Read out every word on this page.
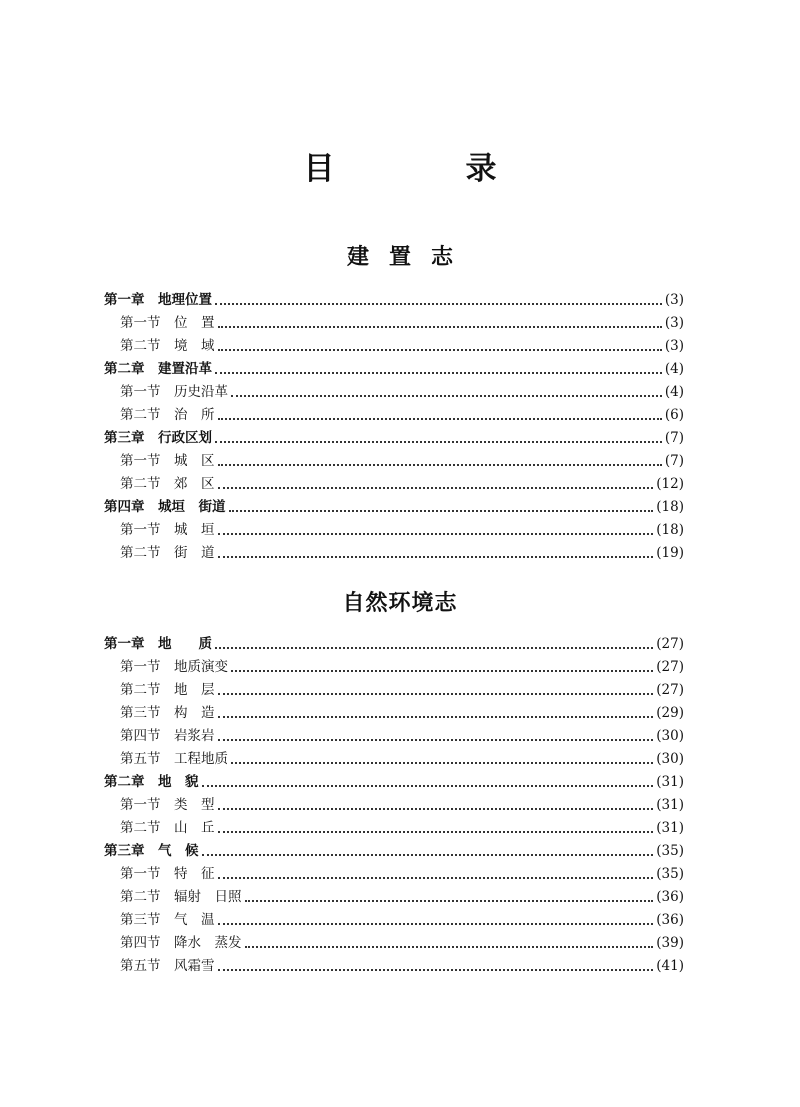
目　录
建置志
第一章　地理位置	(3)
第一节　位　置	(3)
第二节　境　域	(3)
第二章　建置沿革	(4)
第一节　历史沿革	(4)
第二节　治　所	(6)
第三章　行政区划	(7)
第一节　城　区	(7)
第二节　郊　区	(12)
第四章　城垣　街道	(18)
第一节　城　垣	(18)
第二节　街　道	(19)
自然环境志
第一章　地　　质	(27)
第一节　地质演变	(27)
第二节　地　层	(27)
第三节　构　造	(29)
第四节　岩浆岩	(30)
第五节　工程地质	(30)
第二章　地　貌	(31)
第一节　类　型	(31)
第二节　山　丘	(31)
第三章　气　候	(35)
第一节　特　征	(35)
第二节　辐射　日照	(36)
第三节　气　温	(36)
第四节　降水　蒸发	(39)
第五节　风霜雪	(41)
